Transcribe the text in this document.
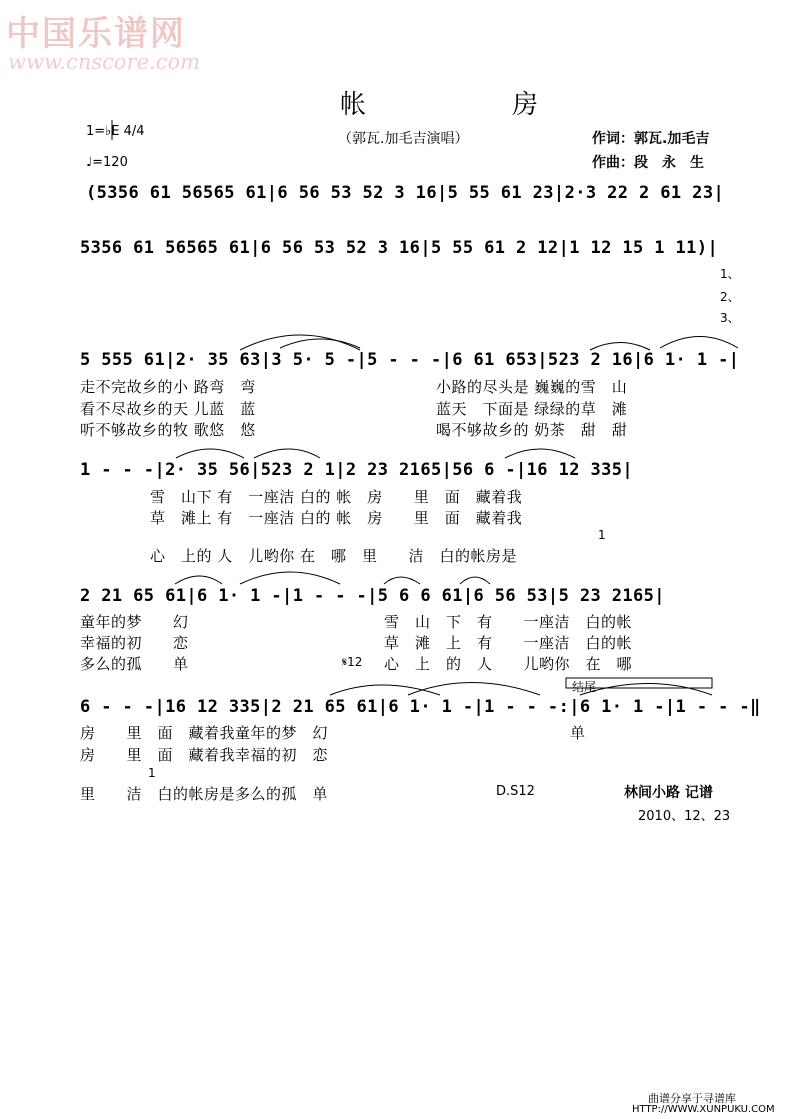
中国乐谱网
www.cnscore.com
帐　房
（郭瓦.加毛吉演唱）
1=♭E 4/4
♩=120
作词：郭瓦.加毛吉
作曲：段　永　生
(5356 61 56565 61|6 56 53 52 3 16|5 55 61 23|2·3 22 2 61 23|
5356 61 56565 61|6 56 53 52 3 16|5 55 61 2 12|1 12 15 1 11)|
1、
2、
3、
5 555 61|2· 35 63|3 5· 5 -|5 - - -|6 61 653|523 2 16|6 1· 1 -|
走不完故乡的小 路弯　弯
看不尽故乡的天 儿蓝　蓝
听不够故乡的牧 歌悠　悠
小路的尽头是 巍巍的雪　山
蓝天　下面是 绿绿的草　滩
喝不够故乡的 奶茶　甜　甜
1 - - -|2· 35 56|523 2 1|2 23 2165|56 6 -|16 12 335|
雪　山下 有　一座洁 白的 帐　房　　里　面　藏着我
草　滩上 有　一座洁 白的 帐　房　　里　面　藏着我
1
心　上的 人　儿哟你 在　哪　里　　洁　白的帐房是
2 21 65 61|6 1· 1 -|1 - - -|5 6 6 61|6 56 53|5 23 2165|
童年的梦　　幻
幸福的初　　恋
多么的孤　　单	𝄋12
雪　山　下　有　　一座洁　白的帐
草　滩　上　有　　一座洁　白的帐
心　上　的　人　　儿哟你　在　哪
结尾
6 - - -|16 12 335|2 21 65 61|6 1· 1 -|1 - - -:|6 1· 1 -|1 - - -‖
房　　里　面　藏着我童年的梦　幻
房　　里　面　藏着我幸福的初　恋
单
1
里　　洁　白的帐房是多么的孤　单	D.S12	林间小路 记谱
2010、12、23
曲谱分享于寻谱库
HTTP://WWW.XUNPUKU.COM
